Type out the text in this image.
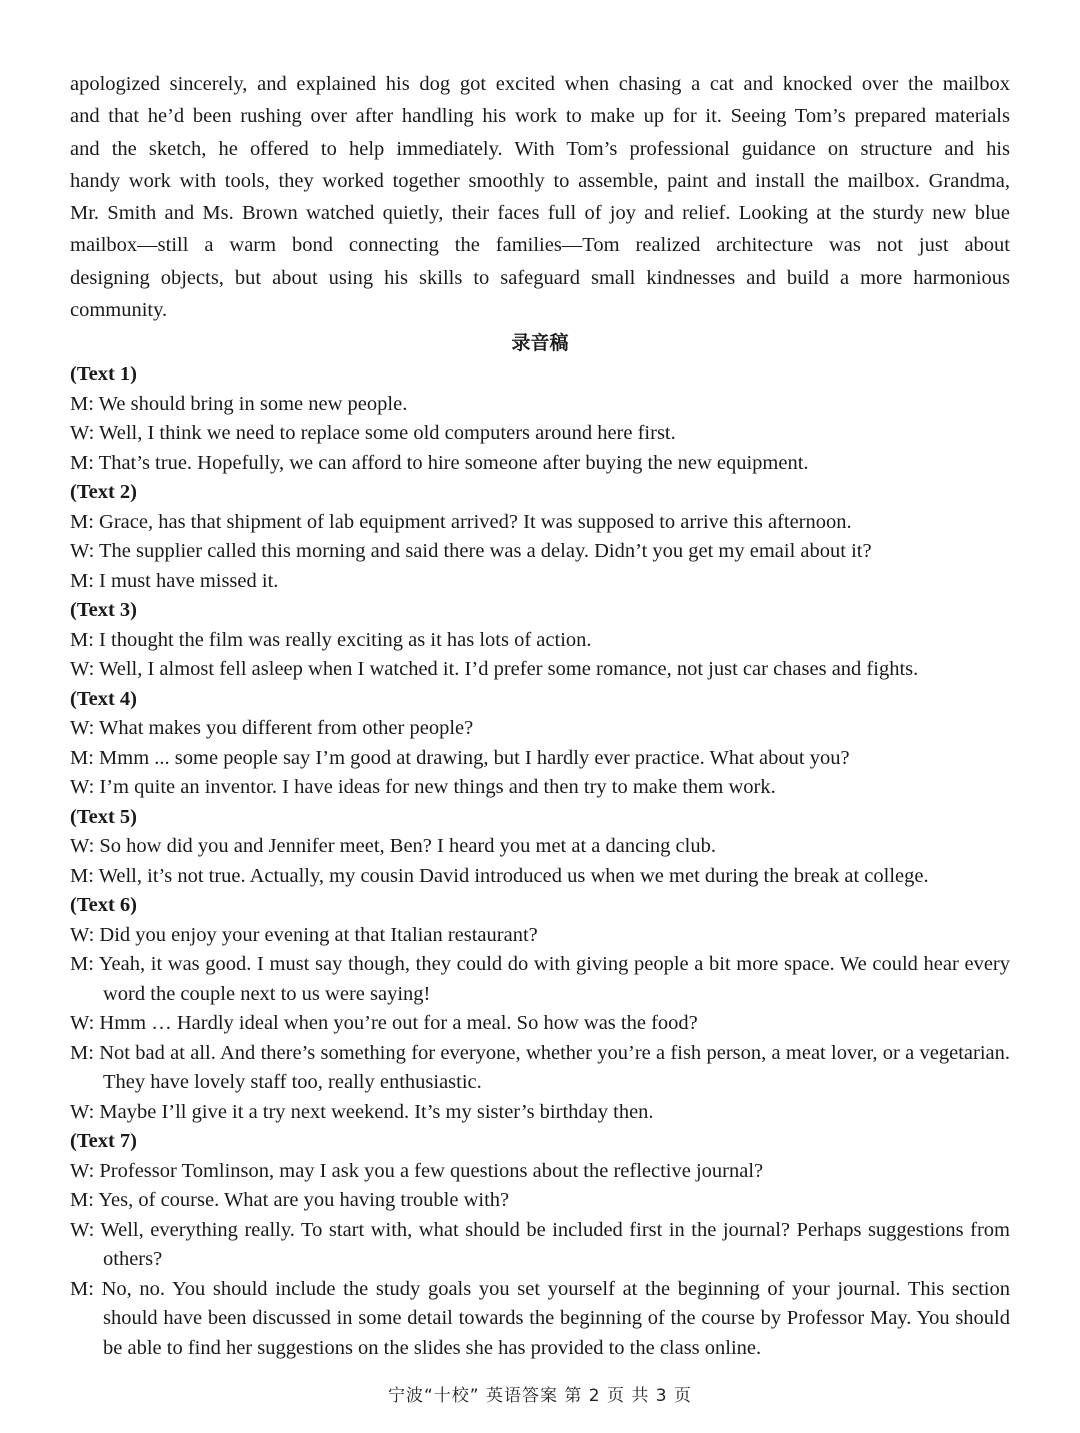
apologized sincerely, and explained his dog got excited when chasing a cat and knocked over the mailbox
and that he’d been rushing over after handling his work to make up for it. Seeing Tom’s prepared materials
and the sketch, he offered to help immediately. With Tom’s professional guidance on structure and his
handy work with tools, they worked together smoothly to assemble, paint and install the mailbox. Grandma,
Mr. Smith and Ms. Brown watched quietly, their faces full of joy and relief. Looking at the sturdy new blue
mailbox—still a warm bond connecting the families—Tom realized architecture was not just about
designing objects, but about using his skills to safeguard small kindnesses and build a more harmonious
community.
录音稿
(Text 1)
M: We should bring in some new people.
W: Well, I think we need to replace some old computers around here first.
M: That’s true. Hopefully, we can afford to hire someone after buying the new equipment.
(Text 2)
M: Grace, has that shipment of lab equipment arrived? It was supposed to arrive this afternoon.
W: The supplier called this morning and said there was a delay. Didn’t you get my email about it?
M: I must have missed it.
(Text 3)
M: I thought the film was really exciting as it has lots of action.
W: Well, I almost fell asleep when I watched it. I’d prefer some romance, not just car chases and fights.
(Text 4)
W: What makes you different from other people?
M: Mmm ... some people say I’m good at drawing, but I hardly ever practice. What about you?
W: I’m quite an inventor. I have ideas for new things and then try to make them work.
(Text 5)
W: So how did you and Jennifer meet, Ben? I heard you met at a dancing club.
M: Well, it’s not true. Actually, my cousin David introduced us when we met during the break at college.
(Text 6)
W: Did you enjoy your evening at that Italian restaurant?
M: Yeah, it was good. I must say though, they could do with giving people a bit more space. We could hear every word the couple next to us were saying!
W: Hmm … Hardly ideal when you’re out for a meal. So how was the food?
M: Not bad at all. And there’s something for everyone, whether you’re a fish person, a meat lover, or a vegetarian. They have lovely staff too, really enthusiastic.
W: Maybe I’ll give it a try next weekend. It’s my sister’s birthday then.
(Text 7)
W: Professor Tomlinson, may I ask you a few questions about the reflective journal?
M: Yes, of course. What are you having trouble with?
W: Well, everything really. To start with, what should be included first in the journal? Perhaps suggestions from others?
M: No, no. You should include the study goals you set yourself at the beginning of your journal. This section should have been discussed in some detail towards the beginning of the course by Professor May. You should be able to find her suggestions on the slides she has provided to the class online.
宁波“十校” 英语答案 第 2 页 共 3 页
